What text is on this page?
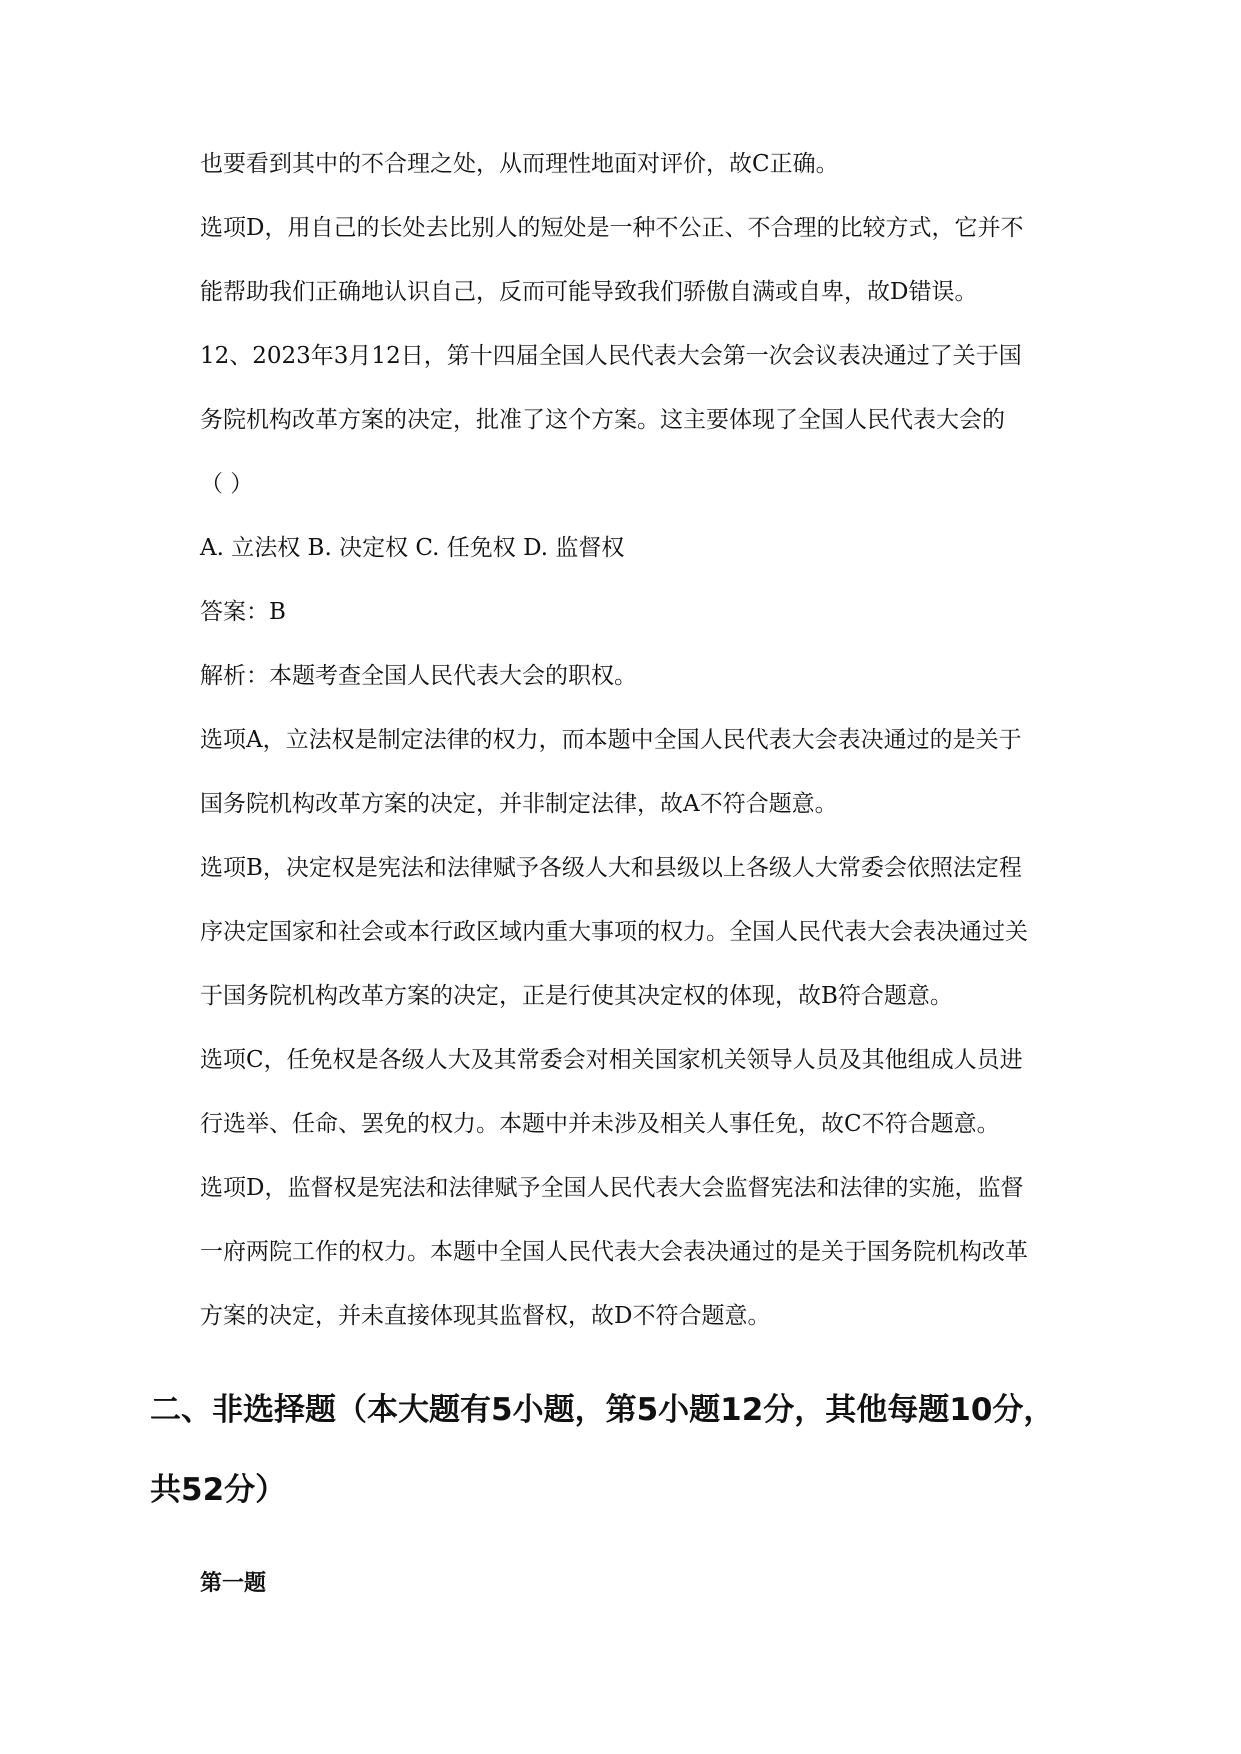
也要看到其中的不合理之处，从而理性地面对评价，故C正确。
选项D，用自己的长处去比别人的短处是一种不公正、不合理的比较方式，它并不
能帮助我们正确地认识自己，反而可能导致我们骄傲自满或自卑，故D错误。
12、2023年3月12日，第十四届全国人民代表大会第一次会议表决通过了关于国
务院机构改革方案的决定，批准了这个方案。这主要体现了全国人民代表大会的
（ ）
A. 立法权 B. 决定权 C. 任免权 D. 监督权
答案：B
解析：本题考查全国人民代表大会的职权。
选项A，立法权是制定法律的权力，而本题中全国人民代表大会表决通过的是关于
国务院机构改革方案的决定，并非制定法律，故A不符合题意。
选项B，决定权是宪法和法律赋予各级人大和县级以上各级人大常委会依照法定程
序决定国家和社会或本行政区域内重大事项的权力。全国人民代表大会表决通过关
于国务院机构改革方案的决定，正是行使其决定权的体现，故B符合题意。
选项C，任免权是各级人大及其常委会对相关国家机关领导人员及其他组成人员进
行选举、任命、罢免的权力。本题中并未涉及相关人事任免，故C不符合题意。
选项D，监督权是宪法和法律赋予全国人民代表大会监督宪法和法律的实施，监督
一府两院工作的权力。本题中全国人民代表大会表决通过的是关于国务院机构改革
方案的决定，并未直接体现其监督权，故D不符合题意。
二、非选择题（本大题有5小题，第5小题12分，其他每题10分，
共52分）
第一题
